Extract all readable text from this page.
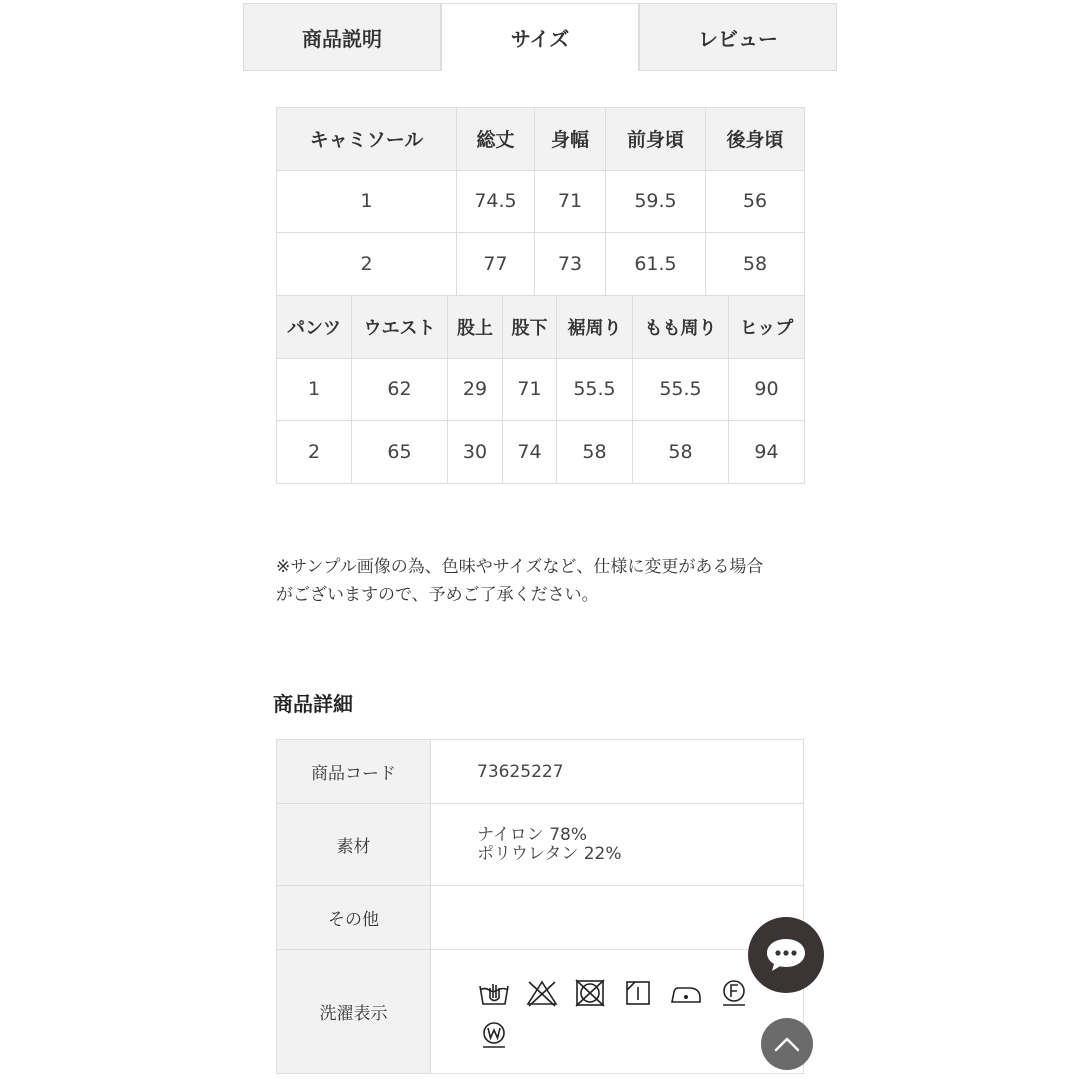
商品説明	サイズ	レビュー
キャミソール	総丈	身幅	前身頃	後身頃
1	74.5	71	59.5	56
2	77	73	61.5	58
パンツ	ウエスト	股上	股下	裾周り	もも周り	ヒップ
1	62	29	71	55.5	55.5	90
2	65	30	74	58	58	94
※サンプル画像の為、色味やサイズなど、仕様に変更がある場合
がございますので、予めご了承ください。
商品詳細
商品コード	73625227
素材	ナイロン 78%
ポリウレタン 22%

その他	
洗濯表示	
